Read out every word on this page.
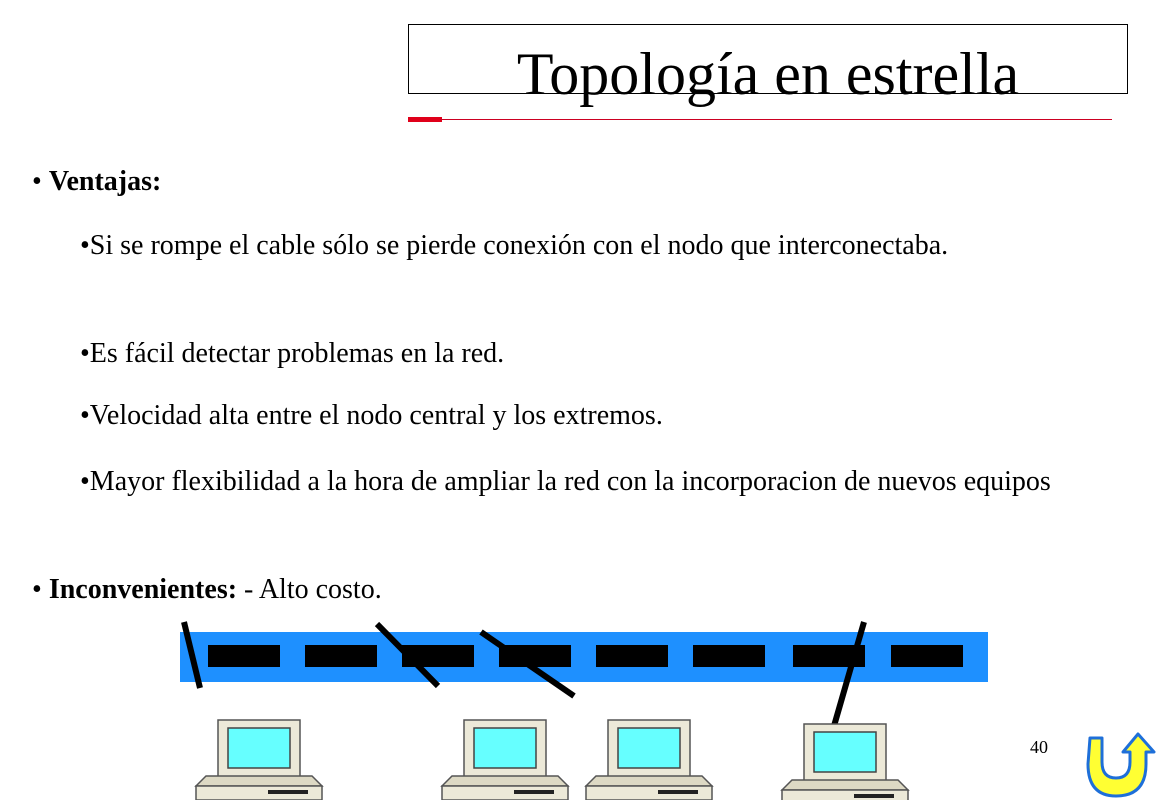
Topología en estrella
• Ventajas:
•Si se rompe el cable sólo se pierde conexión con el nodo que interconectaba.
•Es fácil detectar problemas en la red.
•Velocidad alta entre el nodo central y los extremos.
•Mayor flexibilidad a la hora de ampliar la red con la incorporacion de nuevos equipos
• Inconvenientes: - Alto costo.
40
